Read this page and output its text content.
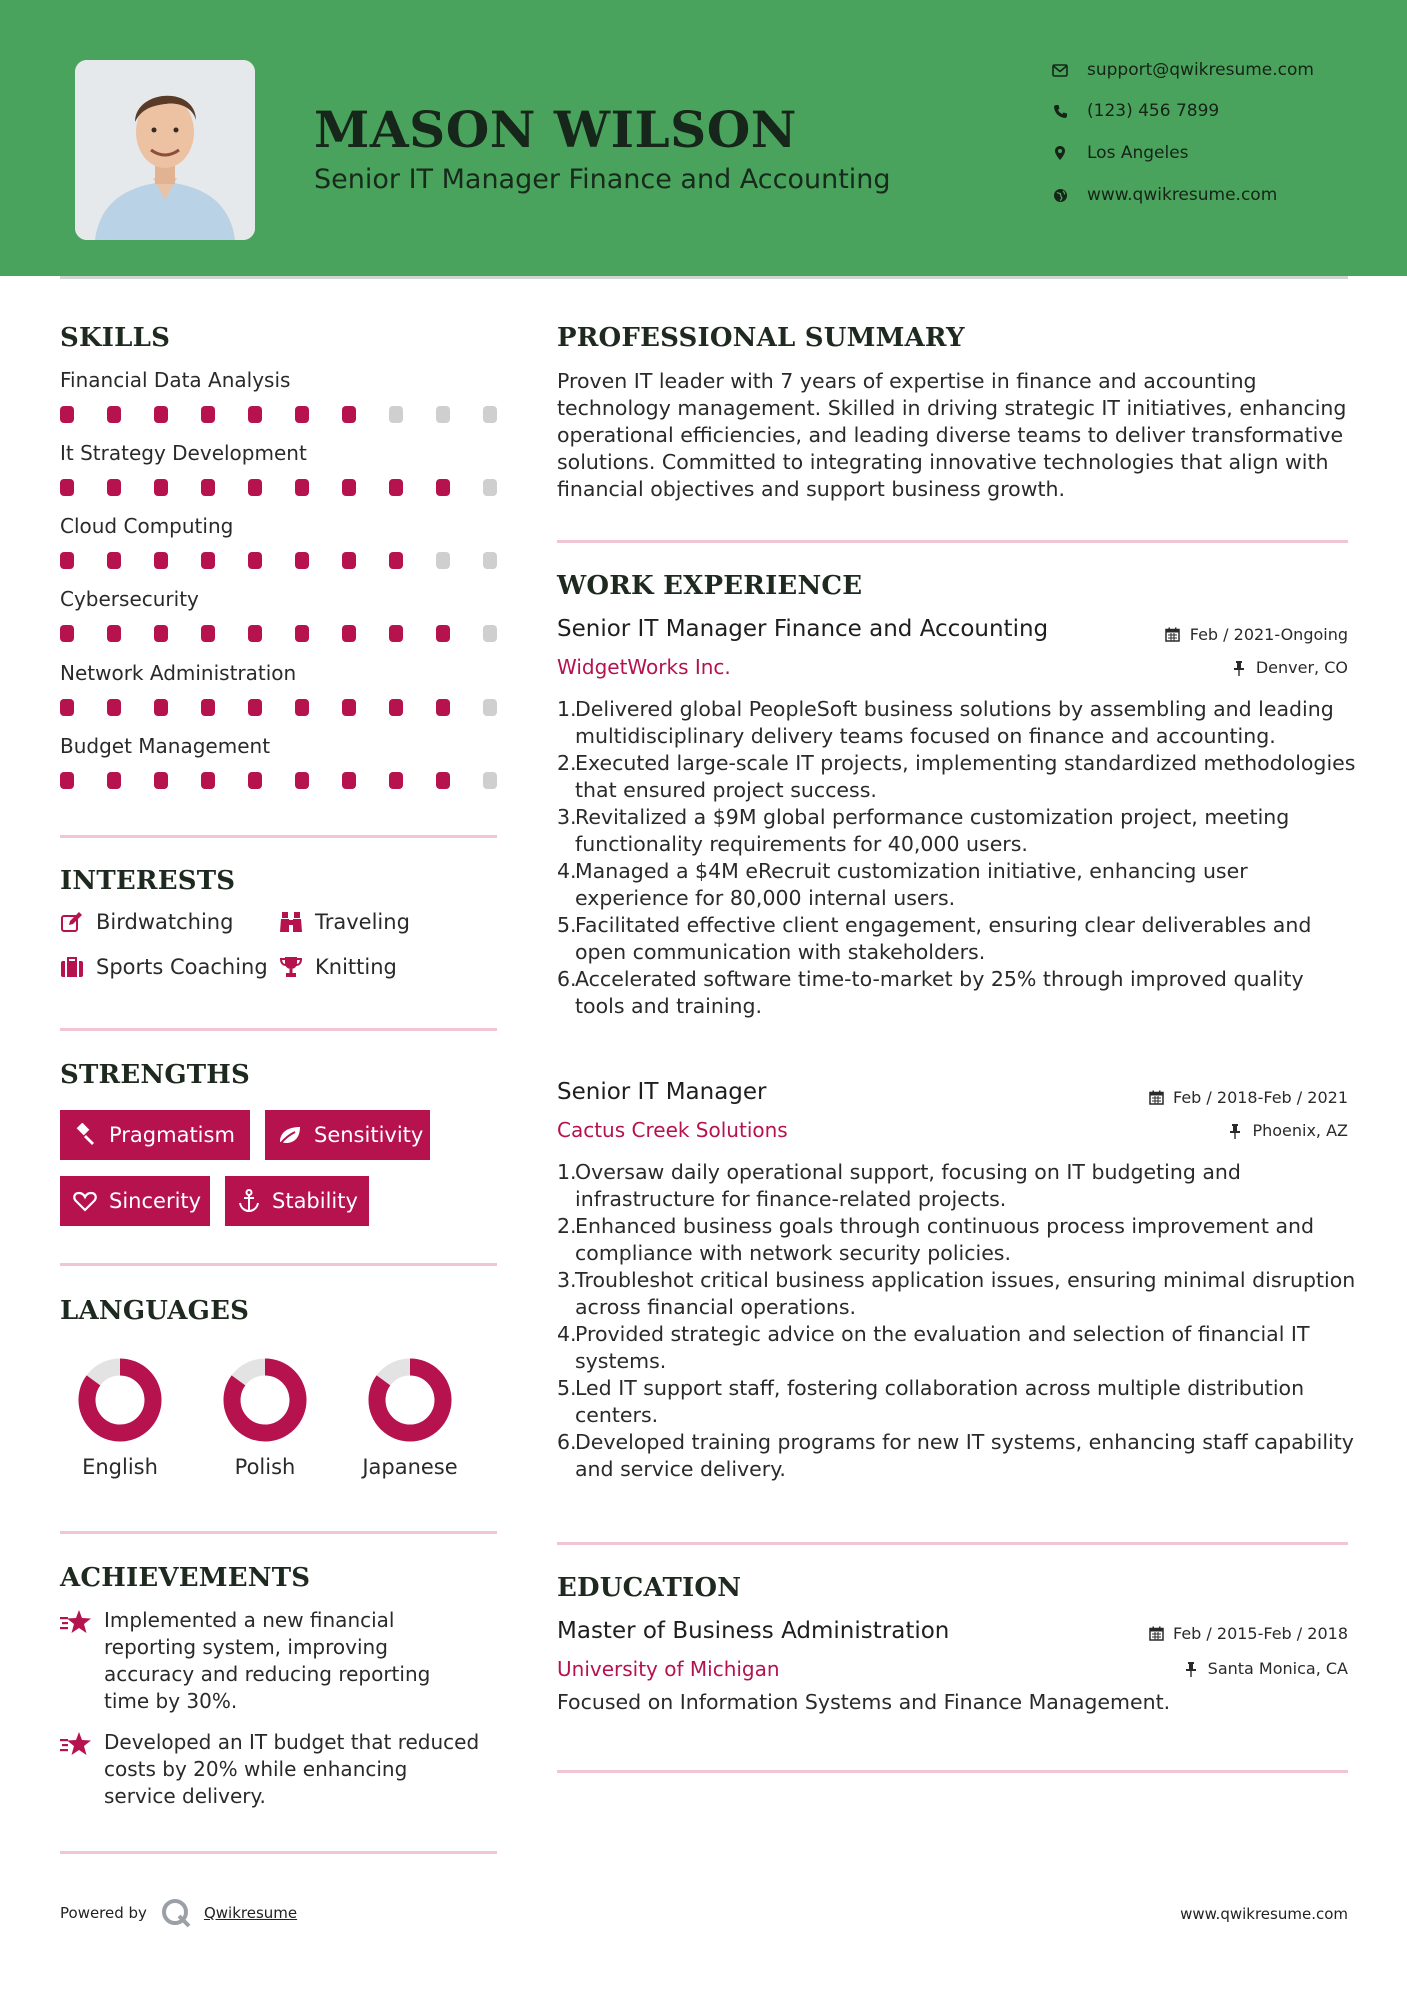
MASON WILSON
Senior IT Manager Finance and Accounting
support@qwikresume.com
(123) 456 7899
Los Angeles
www.qwikresume.com
SKILLS
Financial Data Analysis
It Strategy Development
Cloud Computing
Cybersecurity
Network Administration
Budget Management
INTERESTS
Birdwatching	Traveling
Sports Coaching Knitting
STRENGTHS
Pragmatism	Sensitivity
Sincerity	Stability
LANGUAGES
English	Polish	Japanese
ACHIEVEMENTS
Implemented a new financial reporting system, improving accuracy and reducing reporting time by 30%.
Developed an IT budget that reduced costs by 20% while enhancing service delivery.
PROFESSIONAL SUMMARY
Proven IT leader with 7 years of expertise in finance and accounting technology management. Skilled in driving strategic IT initiatives, enhancing operational efficiencies, and leading diverse teams to deliver transformative solutions. Committed to integrating innovative technologies that align with financial objectives and support business growth.
WORK EXPERIENCE
Senior IT Manager Finance and Accounting	Feb / 2021-Ongoing
WidgetWorks Inc.	Denver, CO
1.
Delivered global PeopleSoft business solutions by assembling and leading multidisciplinary delivery teams focused on finance and accounting.
2.
Executed large-scale IT projects, implementing standardized methodologies that ensured project success.
3.
Revitalized a $9M global performance customization project, meeting functionality requirements for 40,000 users.
4.
Managed a $4M eRecruit customization initiative, enhancing user experience for 80,000 internal users.
5.
Facilitated effective client engagement, ensuring clear deliverables and open communication with stakeholders.
6.
Accelerated software time-to-market by 25% through improved quality tools and training.
Senior IT Manager	Feb / 2018-Feb / 2021
Cactus Creek Solutions	Phoenix, AZ
1.
Oversaw daily operational support, focusing on IT budgeting and infrastructure for finance-related projects.
2.
Enhanced business goals through continuous process improvement and compliance with network security policies.
3.
Troubleshot critical business application issues, ensuring minimal disruption across financial operations.
4.
Provided strategic advice on the evaluation and selection of financial IT systems.
5.
Led IT support staff, fostering collaboration across multiple distribution centers.
6.
Developed training programs for new IT systems, enhancing staff capability and service delivery.
EDUCATION
Master of Business Administration	Feb / 2015-Feb / 2018
University of Michigan	Santa Monica, CA
Focused on Information Systems and Finance Management.
Powered by	Qwikresume	www.qwikresume.com
